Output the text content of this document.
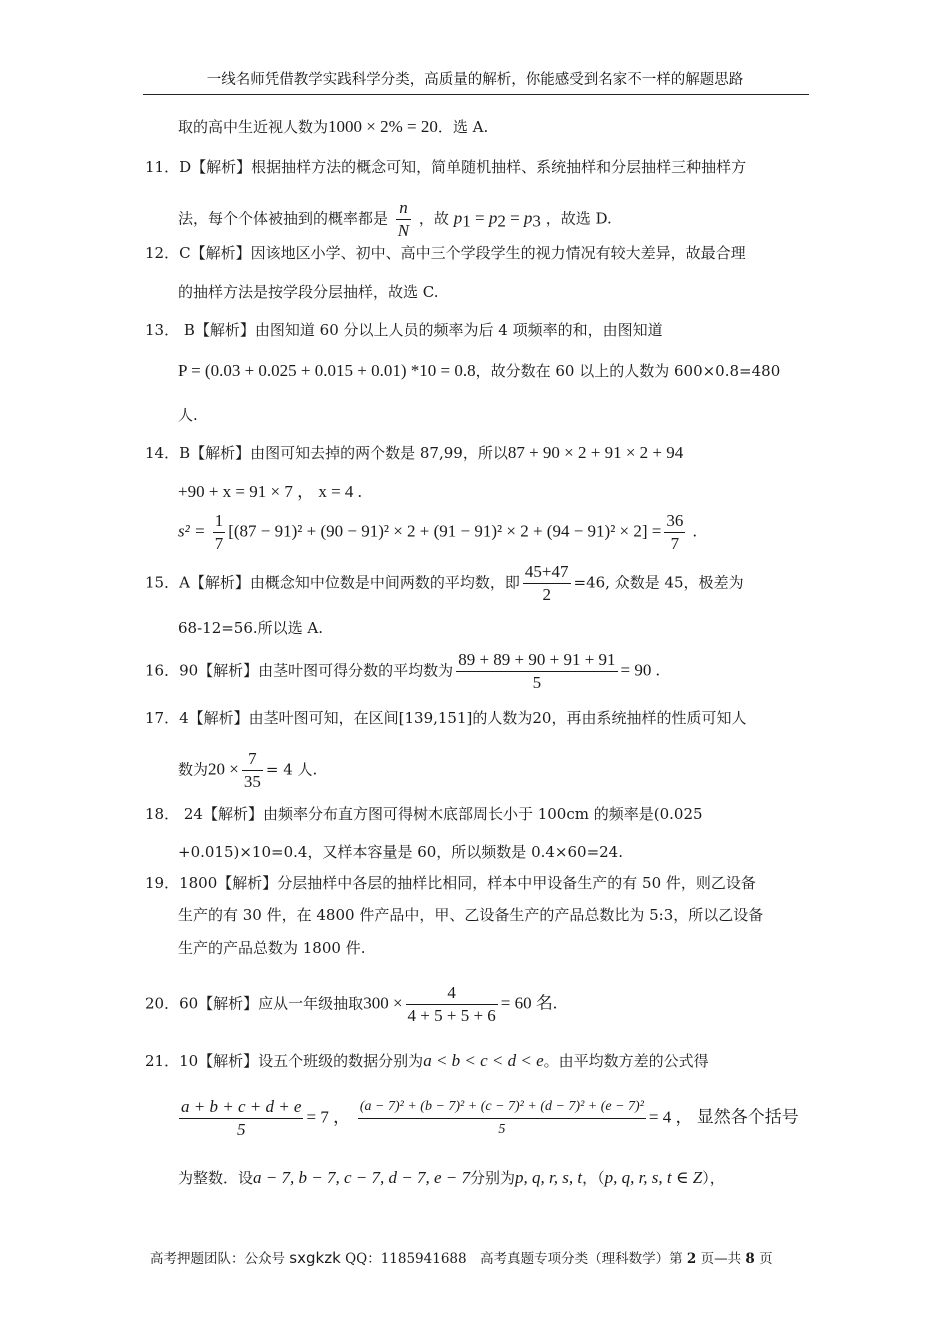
一线名师凭借教学实践科学分类，高质量的解析，你能感受到名家不一样的解题思路
取的高中生近视人数为1000 × 2% = 20．选 A.
11．D【解析】根据抽样方法的概念可知，简单随机抽样、系统抽样和分层抽样三种抽样方
法，每个个体被抽到的概率都是 $\frac{n}{N}$ ，故 $p_1 = p_2 = p_3$ ，故选 D.
12．C【解析】因该地区小学、初中、高中三个学段学生的视力情况有较大差异，故最合理
的抽样方法是按学段分层抽样，故选 C.
13． B【解析】由图知道 60 分以上人员的频率为后 4 项频率的和，由图知道
P = (0.03 + 0.025 + 0.015 + 0.01) *10 = 0.8，故分数在 60 以上的人数为 600×0.8=480
人.
14．B【解析】由图可知去掉的两个数是 87,99，所以87 + 90 × 2 + 91 × 2 + 94
+90 + x = 91 × 7 ， x = 4 .
$s^2 = \frac{1}{7} [(87 - 91)^2 + (90 - 91)^2 \times 2 + (91 - 91)^2 \times 2 + (94 - 91)^2 \times 2] = \frac{36}{7}$ .
15．A【解析】由概念知中位数是中间两数的平均数，即 $\frac{45+47}{2} =46$, 众数是 45，极差为
68-12=56.所以选 A.
16．90【解析】由茎叶图可得分数的平均数为 $\frac{89 + 89 + 90 + 91 + 91}{5} = 90$ .
17．4【解析】由茎叶图可知，在区间[139,151]的人数为20，再由系统抽样的性质可知人
数为$20 \times \frac{7}{35} = 4$ 人.
18． 24【解析】由频率分布直方图可得树木底部周长小于 100cm 的频率是(0.025
+0.015)×10=0.4，又样本容量是 60，所以频数是 0.4×60=24.
19．1800【解析】分层抽样中各层的抽样比相同，样本中甲设备生产的有 50 件，则乙设备
生产的有 30 件，在 4800 件产品中，甲、乙设备生产的产品总数比为 5:3，所以乙设备
生产的产品总数为 1800 件.
20．60【解析】应从一年级抽取$300 \times \frac{4}{4 + 5 + 5 + 6} = 60$ 名.
21．10【解析】设五个班级的数据分别为a < b < c < d < e。由平均数方差的公式得
$\frac{a + b + c + d + e}{5} = 7$ ， $\frac{\text{(a − 7)² + (b − 7)² + (c − 7)² + (d − 7)² + (e − 7)²}}{5} = 4$ ， 显然各个括号
为整数．设a − 7, b − 7, c − 7, d − 7, e − 7分别为p, q, r, s, t，（p, q, r, s, t ∈ Z），
高考押题团队：公众号 sxgkzk QQ：1185941688　高考真题专项分类（理科数学）第 2 页—共 8 页
